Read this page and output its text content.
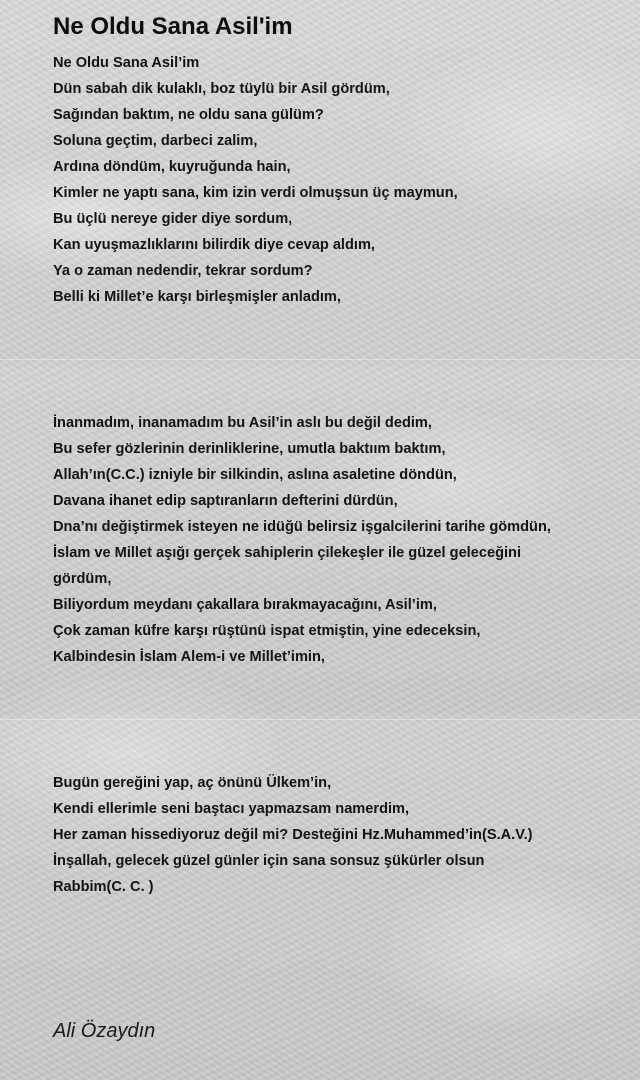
Ne Oldu Sana Asil'im
Ne Oldu Sana Asil’im
Dün sabah dik kulaklı, boz tüylü bir Asil gördüm,
Sağından baktım, ne oldu sana gülüm?
Soluna geçtim, darbeci zalim,
Ardına döndüm, kuyruğunda hain,
Kimler ne yaptı sana, kim izin verdi olmuşsun üç maymun,
Bu üçlü nereye gider diye sordum,
Kan uyuşmazlıklarını bilirdik diye cevap aldım,
Ya o zaman nedendir, tekrar sordum?
Belli ki Millet’e karşı birleşmişler anladım,
İnanmadım, inanamadım bu Asil’in aslı bu değil dedim,
Bu sefer gözlerinin derinliklerine, umutla baktıım baktım,
Allah’ın(C.C.) izniyle bir silkindin, aslına asaletine döndün,
Davana ihanet edip saptıranların defterini dürdün,
Dna’nı değiştirmek isteyen ne idüğü belirsiz işgalcilerini tarihe gömdün,
İslam ve Millet aşığı gerçek sahiplerin çilekeşler ile güzel geleceğini
gördüm,
Biliyordum meydanı çakallara bırakmayacağını, Asil’im,
Çok zaman küfre karşı rüştünü ispat etmiştin, yine edeceksin,
Kalbindesin İslam Alem-i ve Millet’imin,
Bugün gereğini yap, aç önünü Ülkem’in,
Kendi ellerimle seni baştacı yapmazsam namerdim,
Her zaman hissediyoruz değil mi? Desteğini Hz.Muhammed’in(S.A.V.)
İnşallah, gelecek güzel günler için sana sonsuz şükürler olsun
Rabbim(C. C. )
Ali Özaydın
